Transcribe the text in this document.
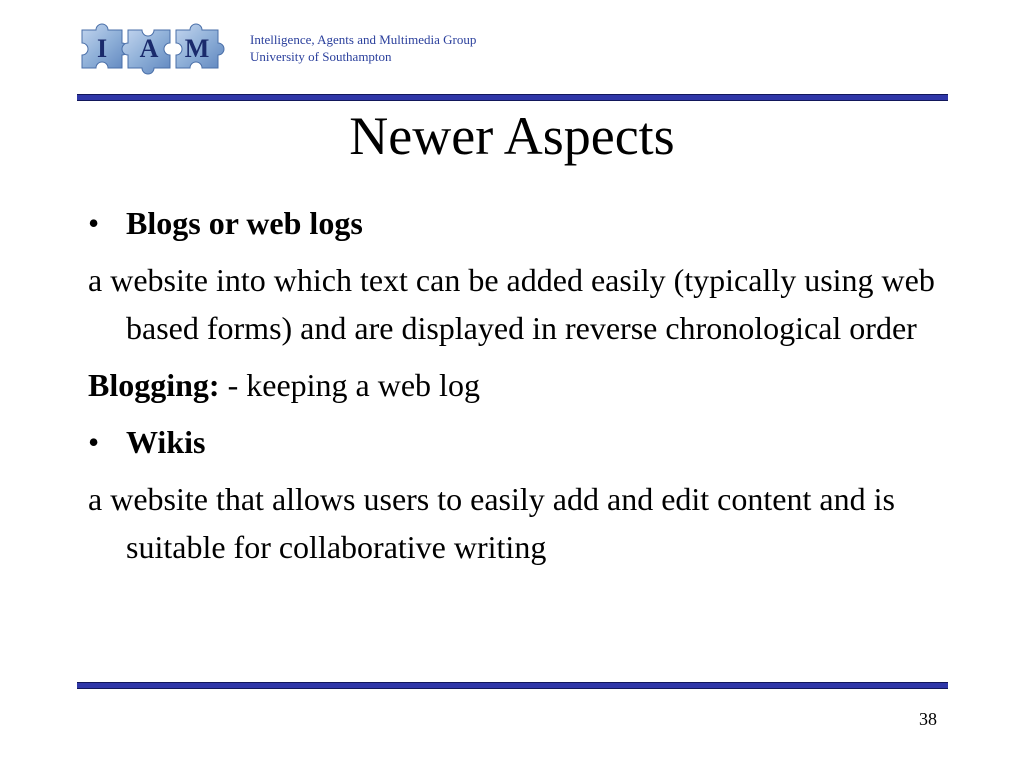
I A M	Intelligence, Agents and Multimedia Group
University of Southampton
Newer Aspects
• Blogs or web logs
a website into which text can be added easily (typically using web based forms) and are displayed in reverse chronological order
Blogging: - keeping a web log
• Wikis
a website that allows users to easily add and edit content and is suitable for collaborative writing
38
